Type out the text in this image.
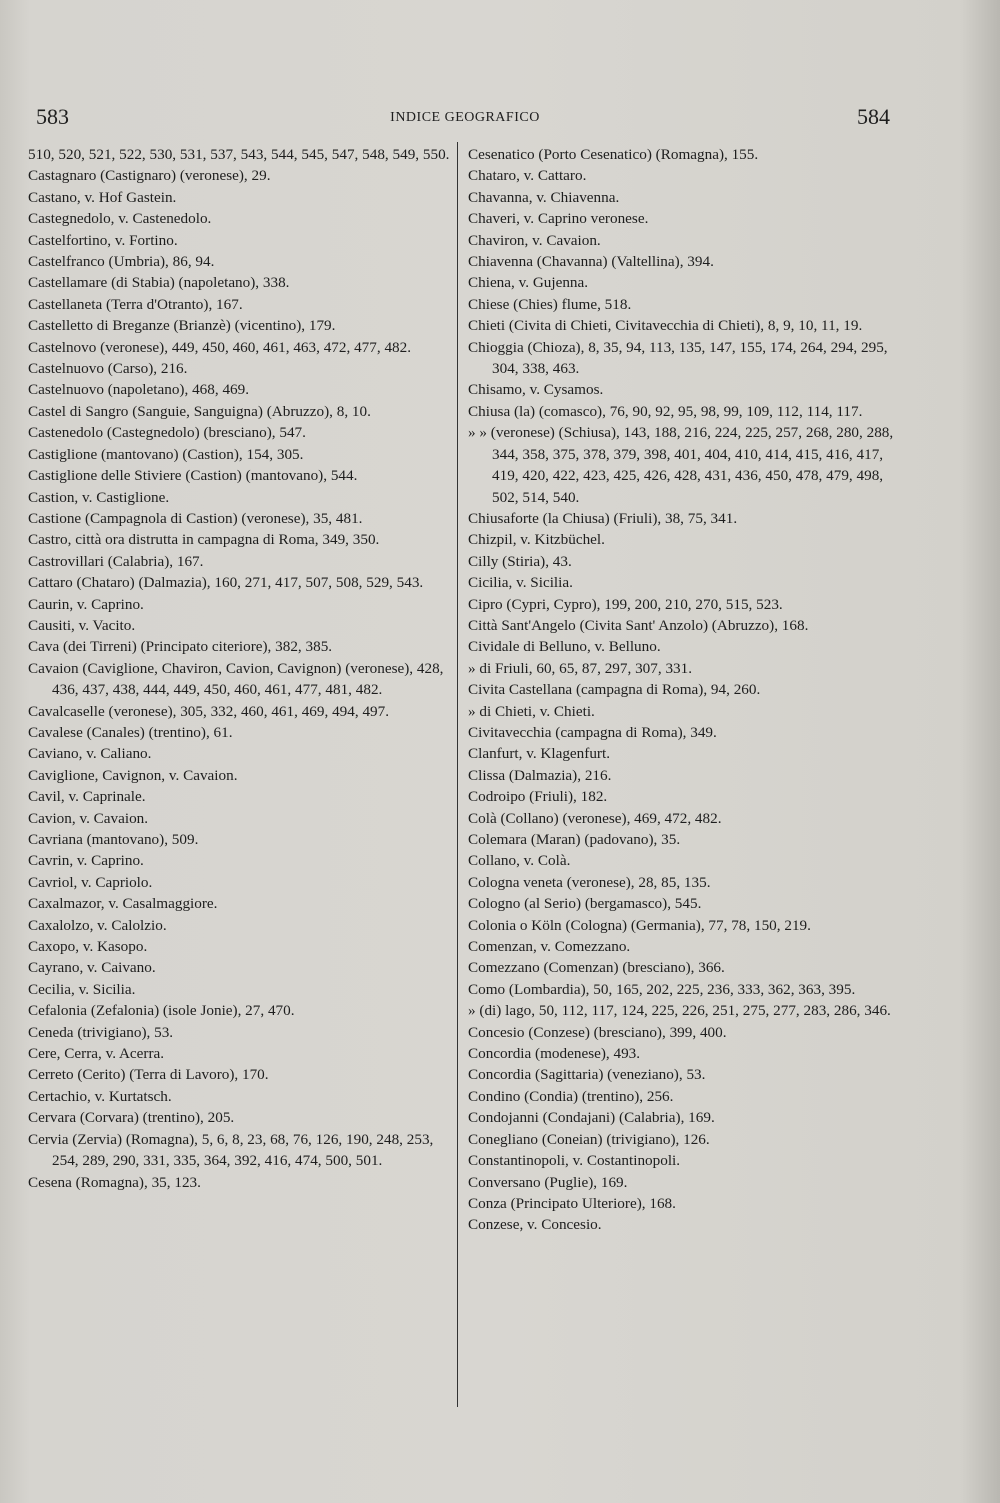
583	INDICE GEOGRAFICO	584

510, 520, 521, 522, 530, 531, 537, 543, 544, 545, 547, 548, 549, 550.

Castagnaro (Castignaro) (veronese), 29.

Castano, v. Hof Gastein.

Castegnedolo, v. Castenedolo.

Castelfortino, v. Fortino.

Castelfranco (Umbria), 86, 94.

Castellamare (di Stabia) (napoletano), 338.

Castellaneta (Terra d'Otranto), 167.

Castelletto di Breganze (Brianzè) (vicentino), 179.

Castelnovo (veronese), 449, 450, 460, 461, 463, 472, 477, 482.

Castelnuovo (Carso), 216.

Castelnuovo (napoletano), 468, 469.

Castel di Sangro (Sanguie, Sanguigna) (Abruzzo), 8, 10.

Castenedolo (Castegnedolo) (bresciano), 547.

Castiglione (mantovano) (Castion), 154, 305.

Castiglione delle Stiviere (Castion) (mantovano), 544.

Castion, v. Castiglione.

Castione (Campagnola di Castion) (veronese), 35, 481.

Castro, città ora distrutta in campagna di Roma, 349, 350.

Castrovillari (Calabria), 167.

Cattaro (Chataro) (Dalmazia), 160, 271, 417, 507, 508, 529, 543.

Caurin, v. Caprino.

Causiti, v. Vacito.

Cava (dei Tirreni) (Principato citeriore), 382, 385.

Cavaion (Caviglione, Chaviron, Cavion, Cavignon) (veronese), 428, 436, 437, 438, 444, 449, 450, 460, 461, 477, 481, 482.

Cavalcaselle (veronese), 305, 332, 460, 461, 469, 494, 497.

Cavalese (Canales) (trentino), 61.

Caviano, v. Caliano.

Caviglione, Cavignon, v. Cavaion.

Cavil, v. Caprinale.

Cavion, v. Cavaion.

Cavriana (mantovano), 509.

Cavrin, v. Caprino.

Cavriol, v. Capriolo.

Caxalmazor, v. Casalmaggiore.

Caxalolzo, v. Calolzio.

Caxopo, v. Kasopo.

Cayrano, v. Caivano.

Cecilia, v. Sicilia.

Cefalonia (Zefalonia) (isole Jonie), 27, 470.

Ceneda (trivigiano), 53.

Cere, Cerra, v. Acerra.

Cerreto (Cerito) (Terra di Lavoro), 170.

Certachio, v. Kurtatsch.

Cervara (Corvara) (trentino), 205.

Cervia (Zervia) (Romagna), 5, 6, 8, 23, 68, 76, 126, 190, 248, 253, 254, 289, 290, 331, 335, 364, 392, 416, 474, 500, 501.

Cesena (Romagna), 35, 123.

Cesenatico (Porto Cesenatico) (Romagna), 155.

Chataro, v. Cattaro.

Chavanna, v. Chiavenna.

Chaveri, v. Caprino veronese.

Chaviron, v. Cavaion.

Chiavenna (Chavanna) (Valtellina), 394.

Chiena, v. Gujenna.

Chiese (Chies) flume, 518.

Chieti (Civita di Chieti, Civitavecchia di Chieti), 8, 9, 10, 11, 19.

Chioggia (Chioza), 8, 35, 94, 113, 135, 147, 155, 174, 264, 294, 295, 304, 338, 463.

Chisamo, v. Cysamos.

Chiusa (la) (comasco), 76, 90, 92, 95, 98, 99, 109, 112, 114, 117.

» » (veronese) (Schiusa), 143, 188, 216, 224, 225, 257, 268, 280, 288, 344, 358, 375, 378, 379, 398, 401, 404, 410, 414, 415, 416, 417, 419, 420, 422, 423, 425, 426, 428, 431, 436, 450, 478, 479, 498, 502, 514, 540.

Chiusaforte (la Chiusa) (Friuli), 38, 75, 341.

Chizpil, v. Kitzbüchel.

Cilly (Stiria), 43.

Cicilia, v. Sicilia.

Cipro (Cypri, Cypro), 199, 200, 210, 270, 515, 523.

Città Sant'Angelo (Civita Sant' Anzolo) (Abruzzo), 168.

Cividale di Belluno, v. Belluno.

» di Friuli, 60, 65, 87, 297, 307, 331.

Civita Castellana (campagna di Roma), 94, 260.

» di Chieti, v. Chieti.

Civitavecchia (campagna di Roma), 349.

Clanfurt, v. Klagenfurt.

Clissa (Dalmazia), 216.

Codroipo (Friuli), 182.

Colà (Collano) (veronese), 469, 472, 482.

Colemara (Maran) (padovano), 35.

Collano, v. Colà.

Cologna veneta (veronese), 28, 85, 135.

Cologno (al Serio) (bergamasco), 545.

Colonia o Köln (Cologna) (Germania), 77, 78, 150, 219.

Comenzan, v. Comezzano.

Comezzano (Comenzan) (bresciano), 366.

Como (Lombardia), 50, 165, 202, 225, 236, 333, 362, 363, 395.

» (di) lago, 50, 112, 117, 124, 225, 226, 251, 275, 277, 283, 286, 346.

Concesio (Conzese) (bresciano), 399, 400.

Concordia (modenese), 493.

Concordia (Sagittaria) (veneziano), 53.

Condino (Condia) (trentino), 256.

Condojanni (Condajani) (Calabria), 169.

Conegliano (Coneian) (trivigiano), 126.

Constantinopoli, v. Costantinopoli.

Conversano (Puglie), 169.

Conza (Principato Ulteriore), 168.

Conzese, v. Concesio.
